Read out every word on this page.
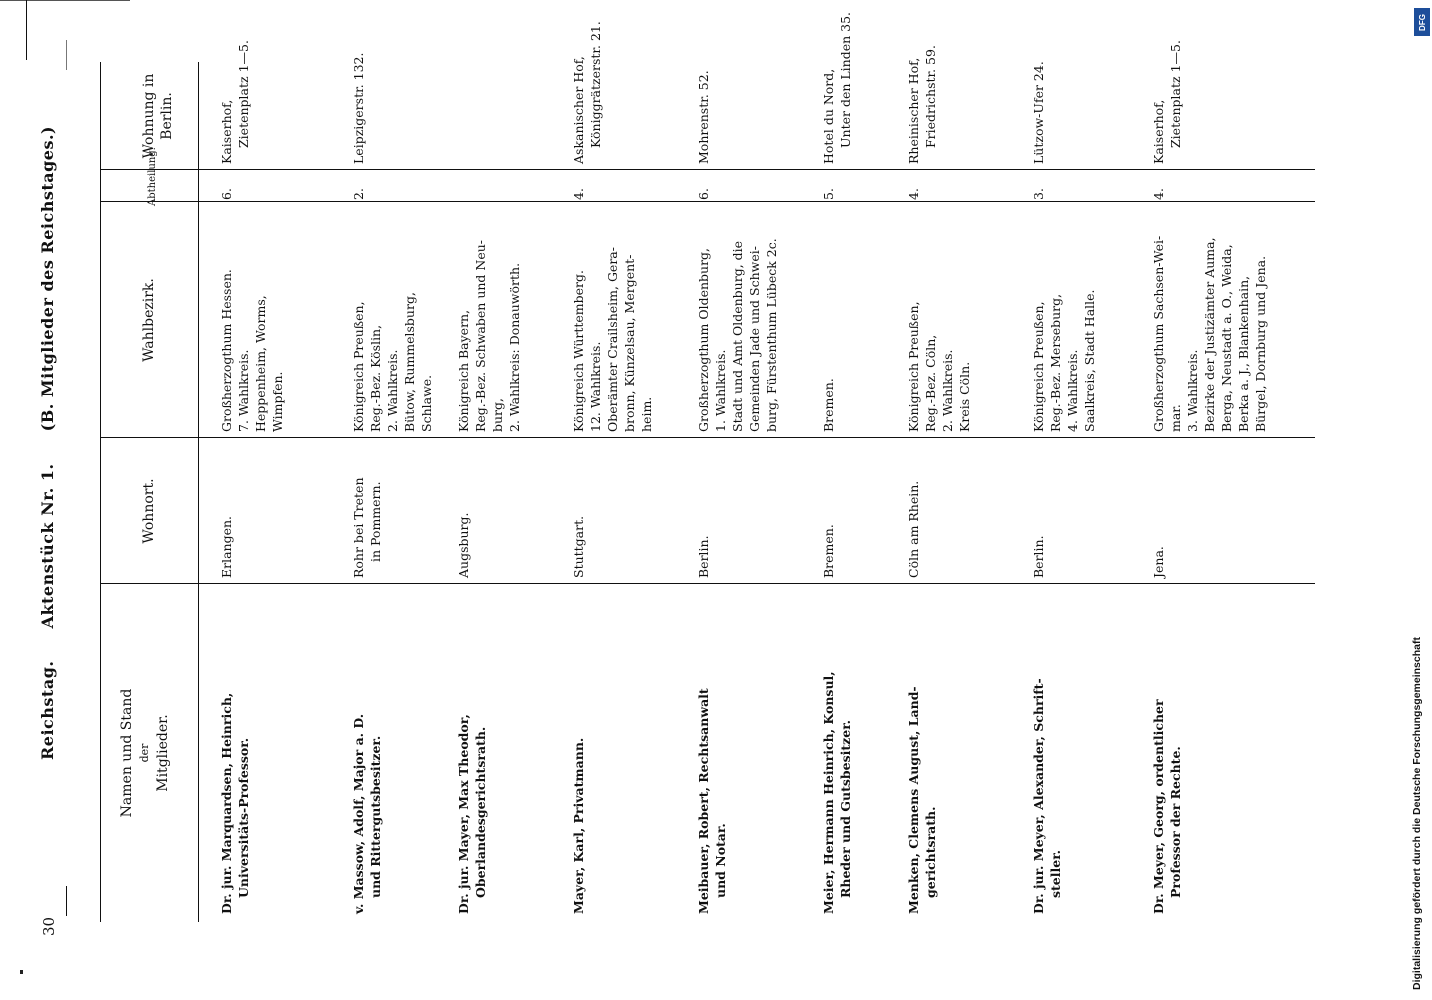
30
Reichstag. Aktenstück Nr. 1. (B. Mitglieder des Reichstages.)
Namen und Stand der Mitglieder.
Wohnort.
Wahlbezirk.
Abtheilung.
Wohnung in Berlin.
Dr. jur. Marquardsen, Heinrich, Universitäts-Professor.
Erlangen.
Großherzogthum Hessen. 7. Wahlkreis. Heppenheim, Worms, Wimpfen.
6.
Kaiserhof, Zietenplatz 1—5.
v. Massow, Adolf, Major a. D. und Rittergutsbesitzer.
Rohr bei Treten in Pommern.
Königreich Preußen, Reg.-Bez. Köslin, 2. Wahlkreis. Bütow, Rummelsburg, Schlawe.
2.
Leipzigerstr. 132.
Dr. jur. Mayer, Max Theodor, Oberlandesgerichtsrath.
Augsburg.
Königreich Bayern, Reg.-Bez. Schwaben und Neu- burg, 2. Wahlkreis: Donauwörth.
Mayer, Karl, Privatmann.
Stuttgart.
Königreich Württemberg. 12. Wahlkreis. Oberämter Crailsheim, Gera- bronn, Künzelsau, Mergent- heim.
4.
Askanischer Hof, Königgrätzerstr. 21.
Meibauer, Robert, Rechtsanwalt und Notar.
Berlin.
Großherzogthum Oldenburg, 1. Wahlkreis. Stadt und Amt Oldenburg, die Gemeinden Jade und Schwei- burg, Fürstenthum Lübeck 2c.
6.
Mohrenstr. 52.
Meier, Hermann Heinrich, Konsul, Rheder und Gutsbesitzer.
Bremen.
Bremen.
5.
Hotel du Nord, Unter den Linden 35.
Menken, Clemens August, Land- gerichtsrath.
Cöln am Rhein.
Königreich Preußen, Reg.-Bez. Cöln, 2. Wahlkreis. Kreis Cöln.
4.
Rheinischer Hof, Friedrichstr. 59.
Dr. jur. Meyer, Alexander, Schrift- steller.
Berlin.
Königreich Preußen, Reg.-Bez. Merseburg, 4. Wahlkreis. Saalkreis, Stadt Halle.
3.
Lützow-Ufer 24.
Dr. Meyer, Georg, ordentlicher Professor der Rechte.
Jena.
Großherzogthum Sachsen-Wei- mar. 3. Wahlkreis. Bezirke der Justizämter Auma, Berga, Neustadt a. O., Weida, Berka a. J., Blankenhain, Bürgel, Dornburg und Jena.
4.
Kaiserhof, Zietenplatz 1—5.
DFG
Digitalisierung gefördert durch die Deutsche Forschungsgemeinschaft
